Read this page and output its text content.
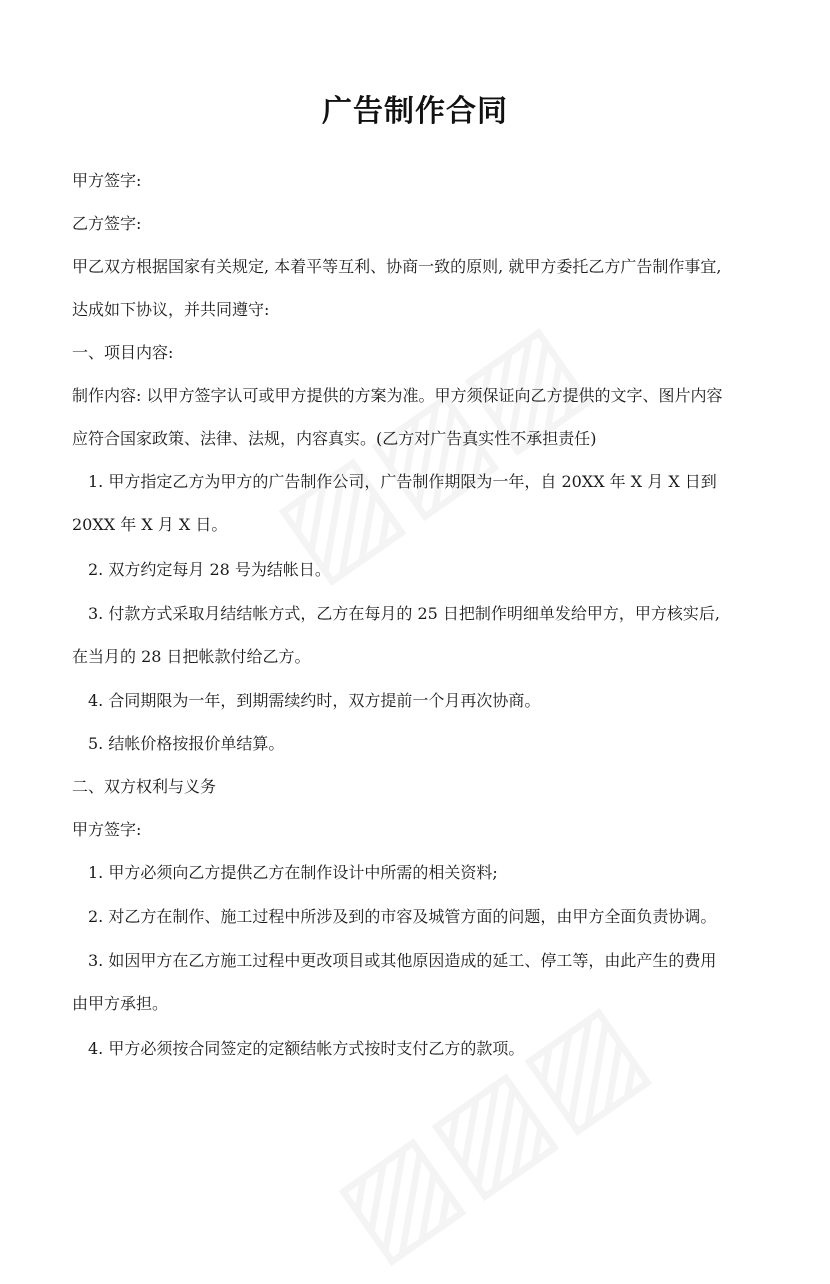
广告制作合同
甲方签字:
乙方签字:
甲乙双方根据国家有关规定, 本着平等互利、协商一致的原则, 就甲方委托乙方广告制作事宜,
达成如下协议，并共同遵守:
一、项目内容:
制作内容: 以甲方签字认可或甲方提供的方案为准。甲方须保证向乙方提供的文字、图片内容
应符合国家政策、法律、法规，内容真实。(乙方对广告真实性不承担责任)
1. 甲方指定乙方为甲方的广告制作公司，广告制作期限为一年，自 20XX 年 X 月 X 日到
20XX 年 X 月 X 日。
2. 双方约定每月 28 号为结帐日。
3. 付款方式采取月结结帐方式，乙方在每月的 25 日把制作明细单发给甲方，甲方核实后,
在当月的 28 日把帐款付给乙方。
4. 合同期限为一年，到期需续约时，双方提前一个月再次协商。
5. 结帐价格按报价单结算。
二、双方权利与义务
甲方签字:
1. 甲方必须向乙方提供乙方在制作设计中所需的相关资料;
2. 对乙方在制作、施工过程中所涉及到的市容及城管方面的问题，由甲方全面负责协调。
3. 如因甲方在乙方施工过程中更改项目或其他原因造成的延工、停工等，由此产生的费用
由甲方承担。
4. 甲方必须按合同签定的定额结帐方式按时支付乙方的款项。
